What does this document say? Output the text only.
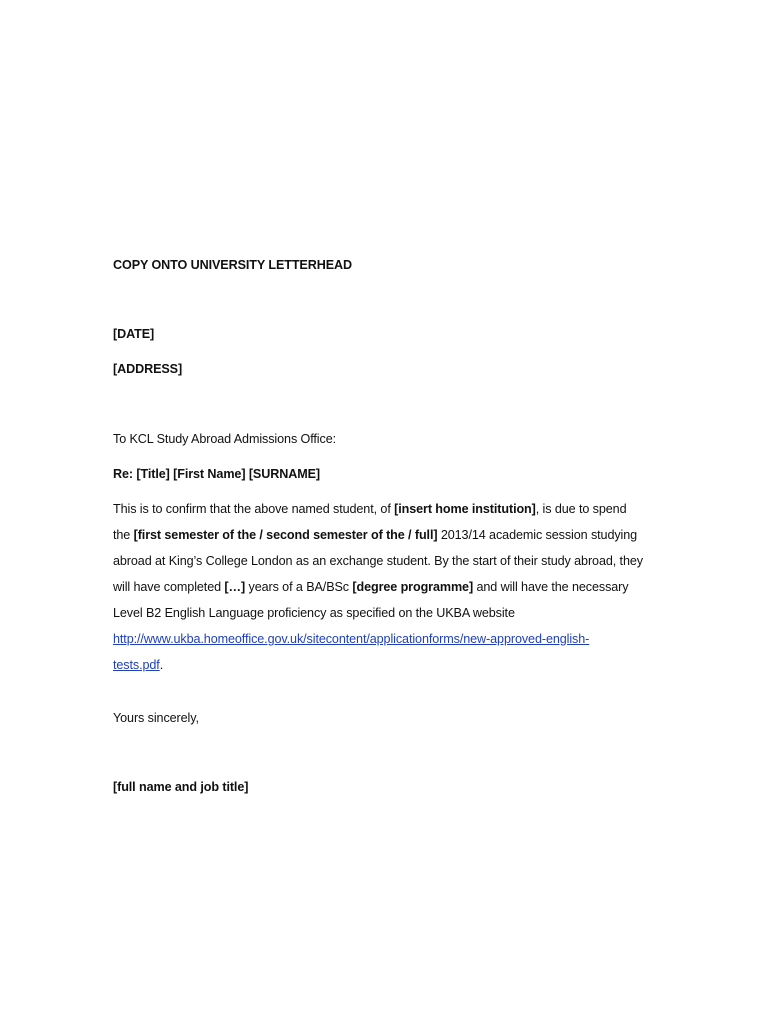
COPY ONTO UNIVERSITY LETTERHEAD
[DATE]
[ADDRESS]
To KCL Study Abroad Admissions Office:
Re: [Title] [First Name] [SURNAME]
This is to confirm that the above named student, of [insert home institution], is due to spend
the [first semester of the / second semester of the / full] 2013/14 academic session studying
abroad at King’s College London as an exchange student. By the start of their study abroad, they
will have completed […] years of a BA/BSc [degree programme] and will have the necessary
Level B2 English Language proficiency as specified on the UKBA website
http://www.ukba.homeoffice.gov.uk/sitecontent/applicationforms/new-approved-english-
tests.pdf.
Yours sincerely,
[full name and job title]
